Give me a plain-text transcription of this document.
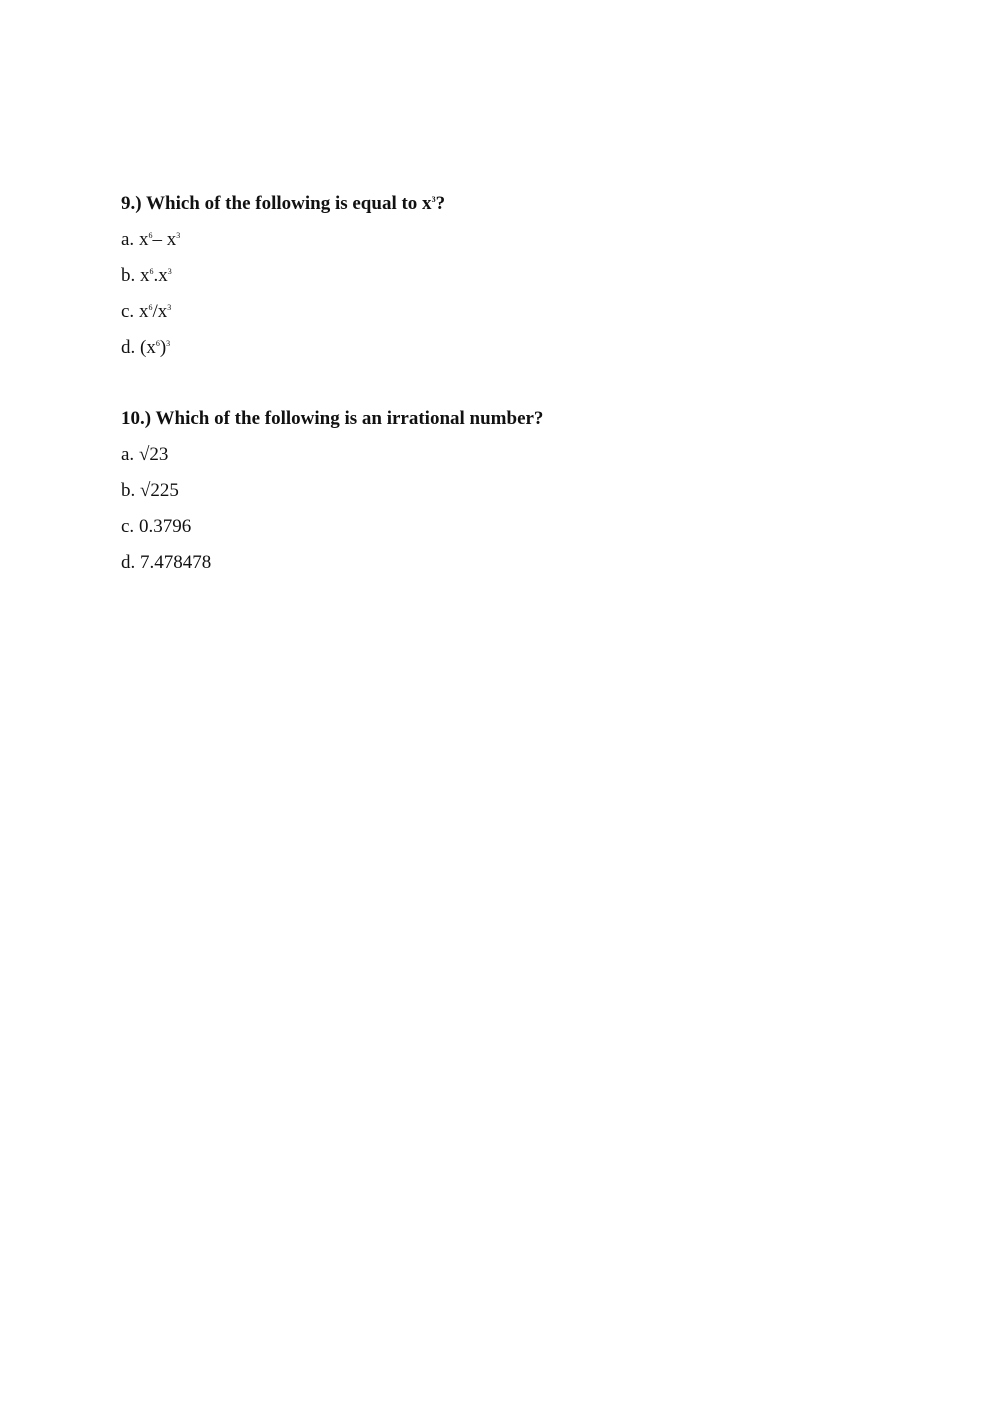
9.) Which of the following is equal to $x^3$?

a. $x^6-$ $x^3$

b. $x^6.x^3$

c. $x^6/x^3$

d. $(x^6)^3$

10.) Which of the following is an irrational number?

a. √23

b. √225

c. 0.3796

d. 7.478478
